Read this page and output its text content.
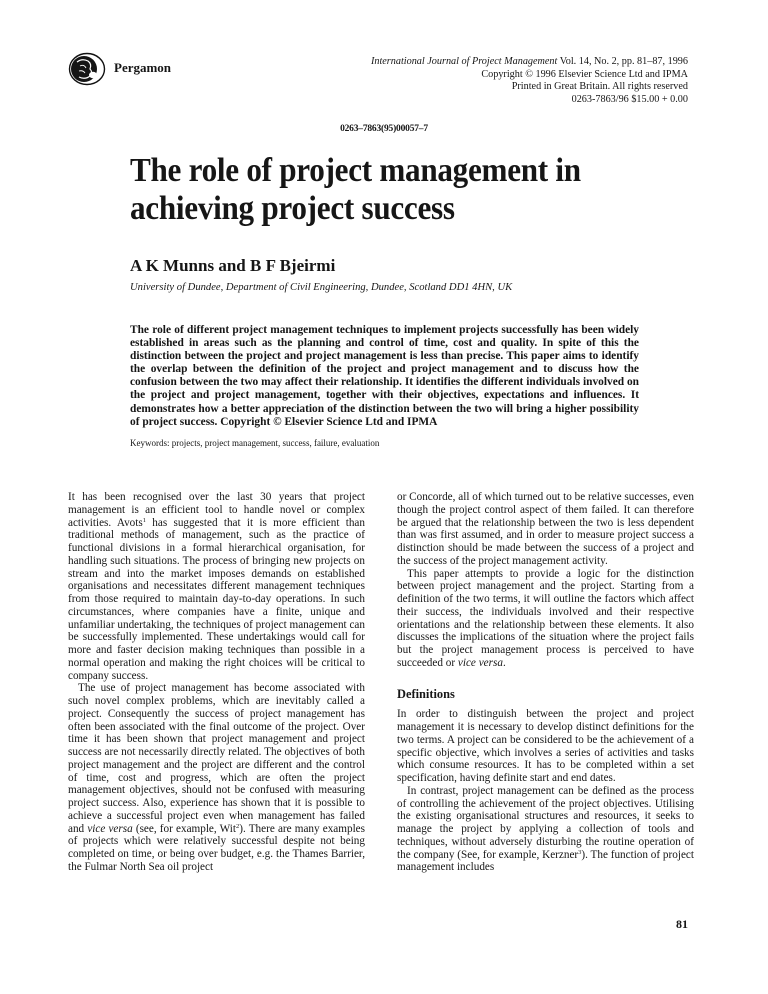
Pergamon	International Journal of Project Management Vol. 14, No. 2, pp. 81–87, 1996
Copyright © 1996 Elsevier Science Ltd and IPMA
Printed in Great Britain. All rights reserved
0263-7863/96 $15.00 + 0.00
0263–7863(95)00057–7
The role of project management in achieving project success
A K Munns and B F Bjeirmi
University of Dundee, Department of Civil Engineering, Dundee, Scotland DD1 4HN, UK
The role of different project management techniques to implement projects successfully has been widely established in areas such as the planning and control of time, cost and quality. In spite of this the distinction between the project and project management is less than precise. This paper aims to identify the overlap between the definition of the project and project management and to discuss how the confusion between the two may affect their relationship. It identifies the different individuals involved on the project and project management, together with their objectives, expectations and influences. It demonstrates how a better appreciation of the distinction between the two will bring a higher possibility of project success. Copyright © Elsevier Science Ltd and IPMA
Keywords: projects, project management, success, failure, evaluation

It has been recognised over the last 30 years that project management is an efficient tool to handle novel or complex activities. Avots$^1$ has suggested that it is more efficient than traditional methods of management, such as the practice of functional divisions in a formal hierarchical organisation, for handling such situations. The process of bringing new projects on stream and into the market imposes demands on established organisations and necessitates different management techniques from those required to maintain day-to-day operations. In such circumstances, where companies have a finite, unique and unfamiliar undertaking, the techniques of project management can be successfully implemented. These undertakings would call for more and faster decision making techniques than possible in a normal operation and making the right choices will be critical to company success.

The use of project management has become associated with such novel complex problems, which are inevitably called a project. Consequently the success of project management has often been associated with the final outcome of the project. Over time it has been shown that project management and project success are not necessarily directly related. The objectives of both project management and the project are different and the control of time, cost and progress, which are often the project management objectives, should not be confused with measuring project success. Also, experience has shown that it is possible to achieve a successful project even when management has failed and vice versa (see, for example, Wit$^2$). There are many examples of projects which were relatively successful despite not being completed on time, or being over budget, e.g. the Thames Barrier, the Fulmar North Sea oil project

or Concorde, all of which turned out to be relative successes, even though the project control aspect of them failed. It can therefore be argued that the relationship between the two is less dependent than was first assumed, and in order to measure project success a distinction should be made between the success of a project and the success of the project management activity.

This paper attempts to provide a logic for the distinction between project management and the project. Starting from a definition of the two terms, it will outline the factors which affect their success, the individuals involved and their respective orientations and the relationship between these elements. It also discusses the implications of the situation where the project fails but the project management process is perceived to have succeeded or vice versa.

Definitions

In order to distinguish between the project and project management it is necessary to develop distinct definitions for the two terms. A project can be considered to be the achievement of a specific objective, which involves a series of activities and tasks which consume resources. It has to be completed within a set specification, having definite start and end dates.

In contrast, project management can be defined as the process of controlling the achievement of the project objectives. Utilising the existing organisational structures and resources, it seeks to manage the project by applying a collection of tools and techniques, without adversely disturbing the routine operation of the company (See, for example, Kerzner$^3$). The function of project management includes

81
